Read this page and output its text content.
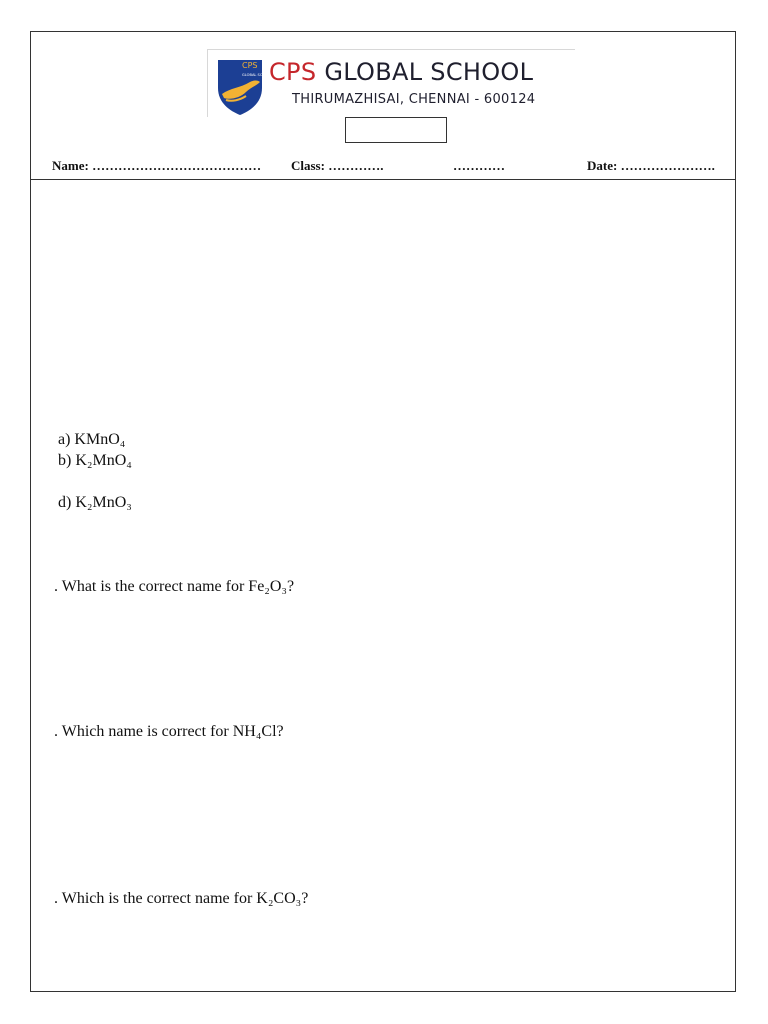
CPS
GLOBAL SCHOOL
CPS GLOBAL SCHOOL
THIRUMAZHISAI, CHENNAI - 600124
Name: ………………………………… Class: ………….	…………	Date: ………………….
a) KMnO₄
b) K₂MnO₄
d) K₂MnO₃
. What is the correct name for Fe₂O₃?
. Which name is correct for NH₄Cl?
. Which is the correct name for K₂CO₃?
